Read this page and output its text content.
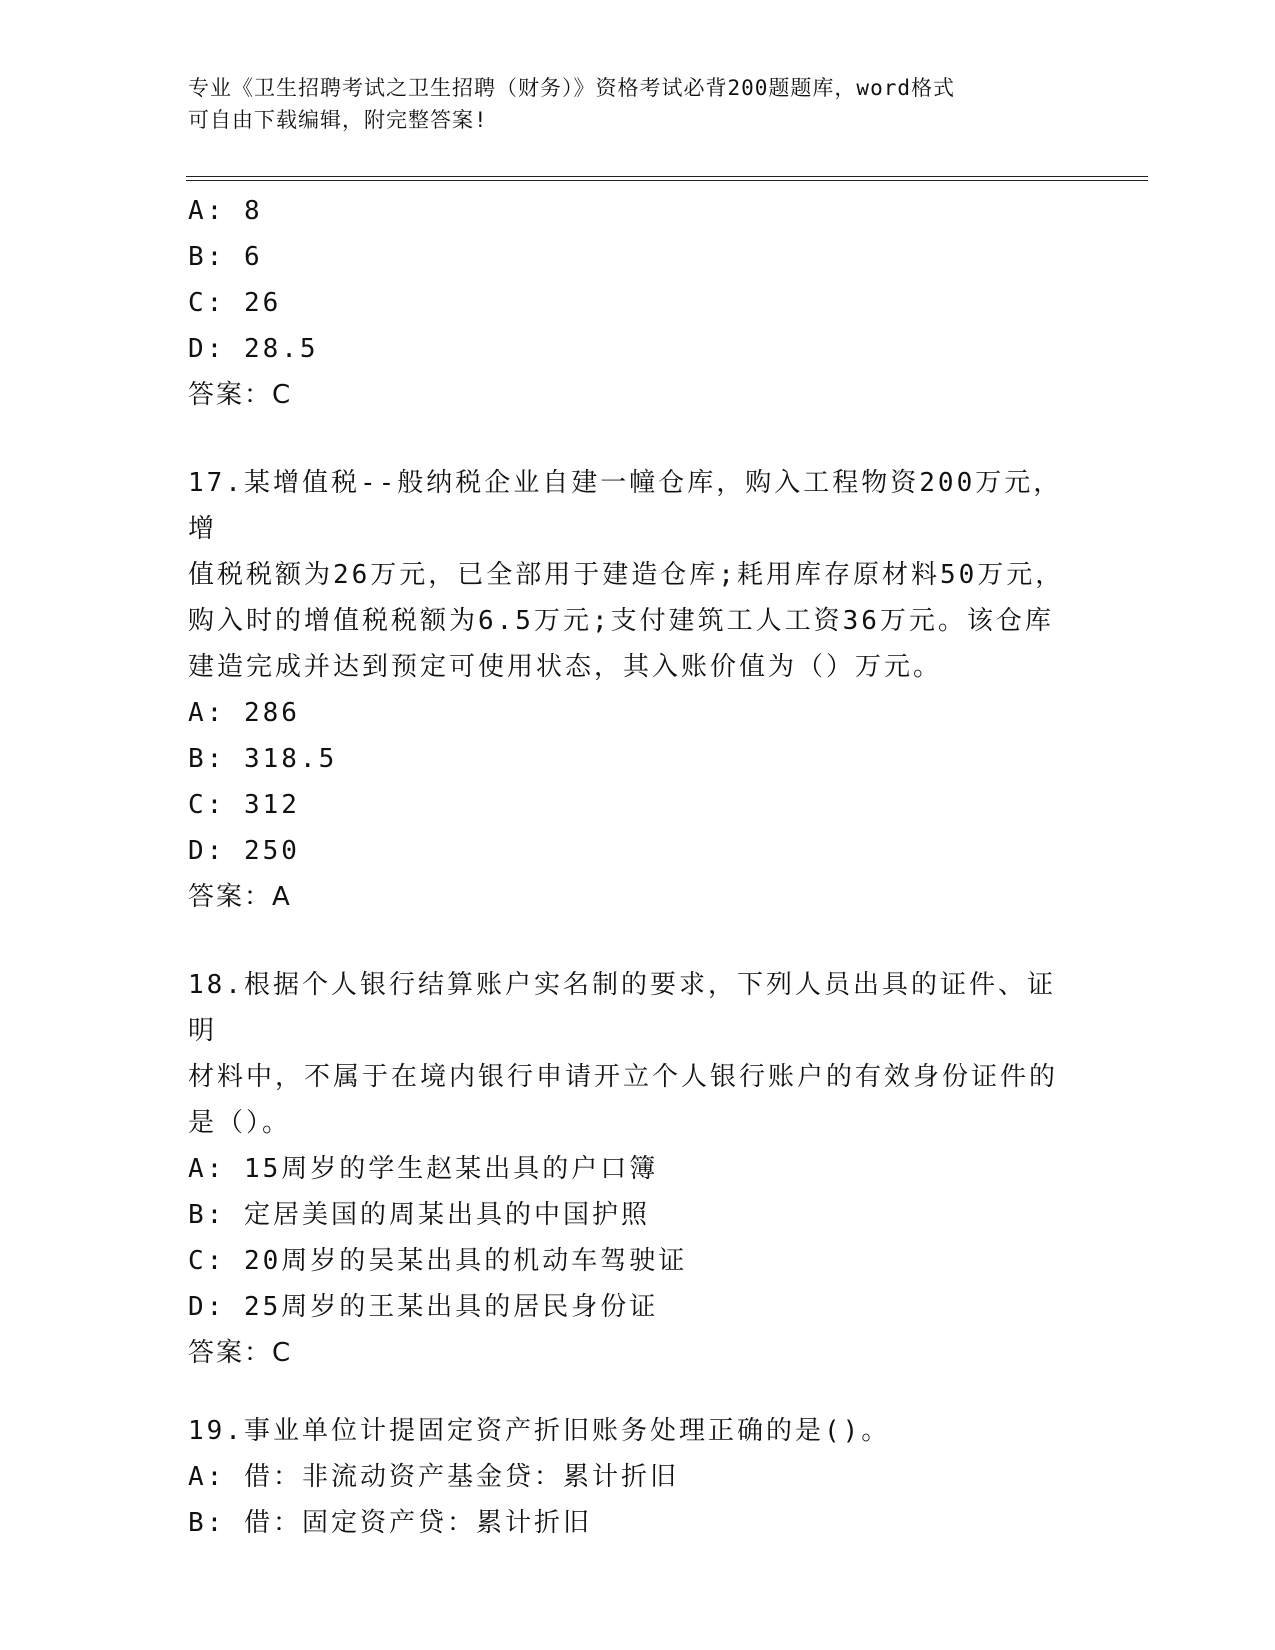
专业《卫生招聘考试之卫生招聘（财务）》资格考试必背200题题库，word格式
可自由下载编辑，附完整答案!
A: 8
B: 6
C: 26
D: 28.5
答案：C
17.某增值税--般纳税企业自建一幢仓库，购入工程物资200万元，增
值税税额为26万元，已全部用于建造仓库;耗用库存原材料50万元，
购入时的增值税税额为6.5万元;支付建筑工人工资36万元。该仓库
建造完成并达到预定可使用状态，其入账价值为（）万元。
A: 286
B: 318.5
C: 312
D: 250
答案：A
18.根据个人银行结算账户实名制的要求，下列人员出具的证件、证明
材料中，不属于在境内银行申请开立个人银行账户的有效身份证件的
是（）。
A: 15周岁的学生赵某出具的户口簿
B: 定居美国的周某出具的中国护照
C: 20周岁的吴某出具的机动车驾驶证
D: 25周岁的王某出具的居民身份证
答案：C
19.事业单位计提固定资产折旧账务处理正确的是()。
A: 借：非流动资产基金贷：累计折旧
B: 借：固定资产贷：累计折旧
